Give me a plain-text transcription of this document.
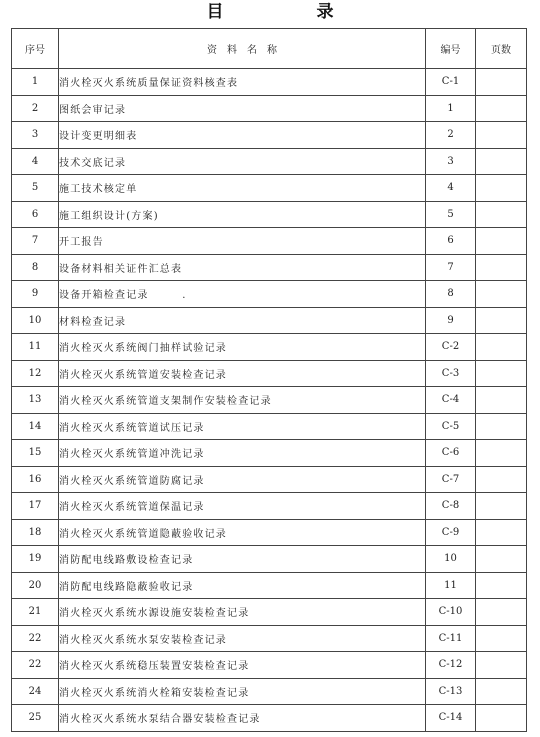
目　录
序号	资料名称	编号	页数
1	消火栓灭火系统质量保证资料核查表	C-1	
2	图纸会审记录	1	
3	设计变更明细表	2	
4	技术交底记录	3	
5	施工技术核定单	4	
6	施工组织设计(方案)	5	
7	开工报告	6	
8	设备材料相关证件汇总表	7	
9	设备开箱检查记录　　　.	8	
10	材料检查记录	9	
11	消火栓灭火系统阀门抽样试验记录	C-2	
12	消火栓灭火系统管道安装检查记录	C-3	
13	消火栓灭火系统管道支架制作安装检查记录	C-4	
14	消火栓灭火系统管道试压记录	C-5	
15	消火栓灭火系统管道冲洗记录	C-6	
16	消火栓灭火系统管道防腐记录	C-7	
17	消火栓灭火系统管道保温记录	C-8	
18	消火栓灭火系统管道隐蔽验收记录	C-9	
19	消防配电线路敷设检查记录	10	
20	消防配电线路隐蔽验收记录	11	
21	消火栓灭火系统水源设施安装检查记录	C-10	
22	消火栓灭火系统水泵安装检查记录	C-11	
22	消火栓灭火系统稳压装置安装检查记录	C-12	
24	消火栓灭火系统消火栓箱安装检查记录	C-13	
25	消火栓灭火系统水泵结合器安装检查记录	C-14	
